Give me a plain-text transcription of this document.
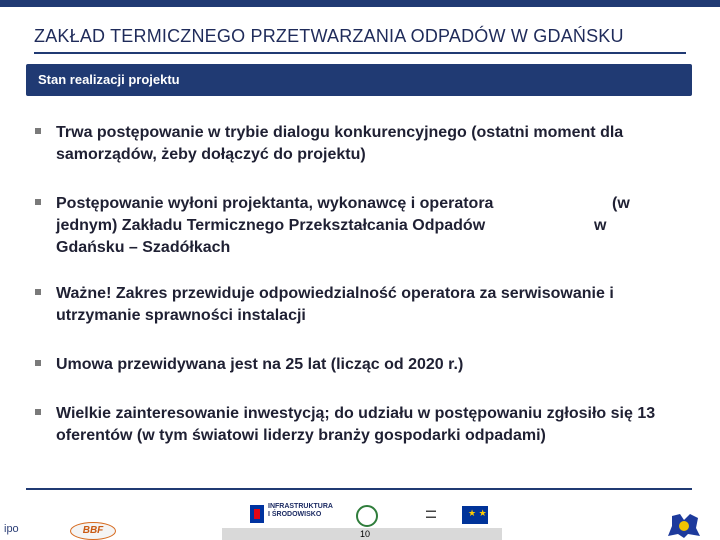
ZAKŁAD TERMICZNEGO PRZETWARZANIA ODPADÓW W GDAŃSKU
Stan realizacji projektu
Trwa postępowanie w trybie dialogu konkurencyjnego (ostatni moment dla samorządów, żeby dołączyć do projektu)
Postępowanie wyłoni projektanta, wykonawcę i operatora
jednym) Zakładu Termicznego Przekształcania Odpadów
Gdańsku – Szadółkach
(w
w
Ważne! Zakres przewiduje odpowiedzialność operatora za serwisowanie i utrzymanie sprawności instalacji
Umowa przewidywana jest na 25 lat (licząc od 2020 r.)
Wielkie zainteresowanie inwestycją; do udziału w postępowaniu zgłosiło się 13 oferentów (w tym światowi liderzy branży gospodarki odpadami)
ipo	BBF
INFRASTRUKTURA I ŚRODOWISKO	▬▬
▬▬	★ ★
10
